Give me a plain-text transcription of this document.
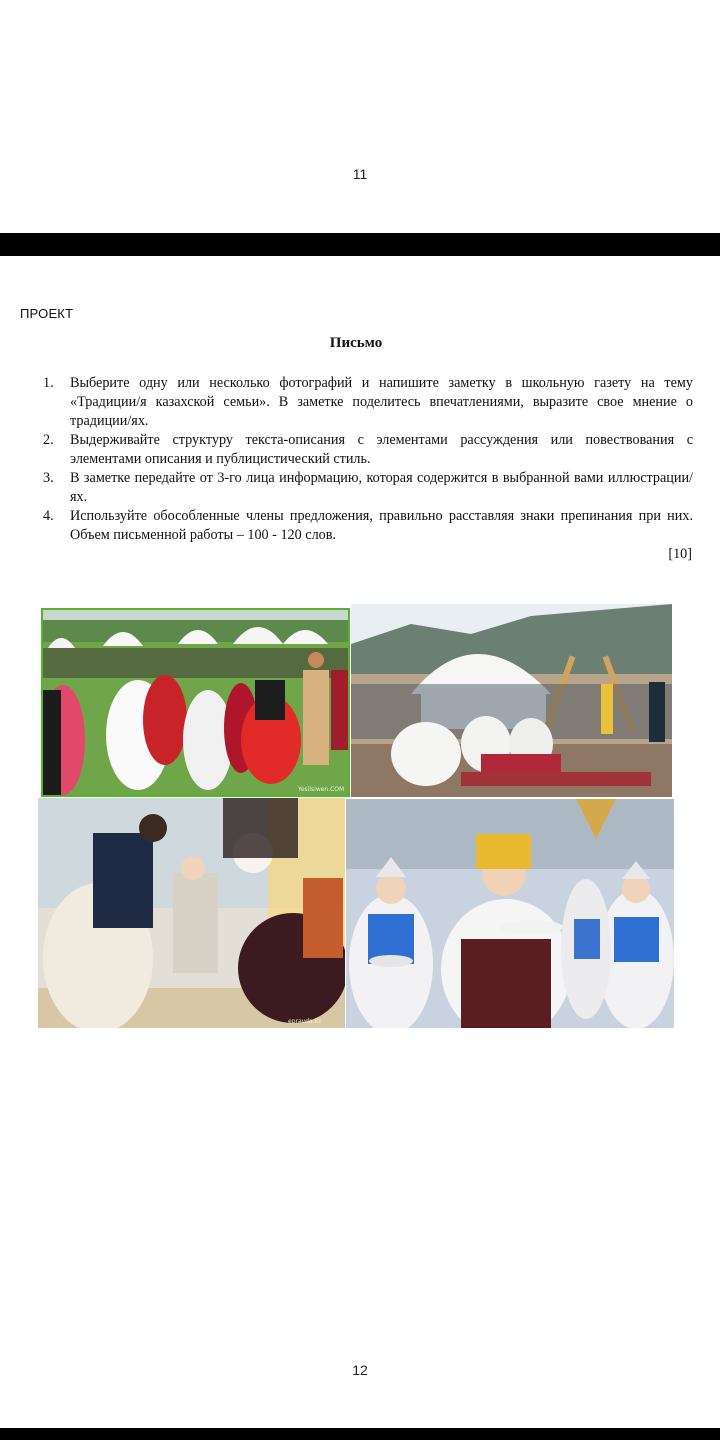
11
ПРОЕКТ
Письмо
1.	Выберите одну или несколько фотографий и напишите заметку в школьную газету на тему «Традиции/я казахской семьи». В заметке поделитесь впечатлениями, выразите свое мнение о традиции/ях.
2.	Выдерживайте структуру текста-описания с элементами рассуждения или повествования с элементами описания и публицистический стиль.
3.	В заметке передайте от 3-го лица информацию, которая содержится в выбранной вами иллюстрации/ях.
4.	Используйте обособленные члены предложения, правильно расставляя знаки препинания при них. Объем письменной работы – 100 - 120 слов.
[10]
Yesilsiwen.COM
epravda.kz
12
